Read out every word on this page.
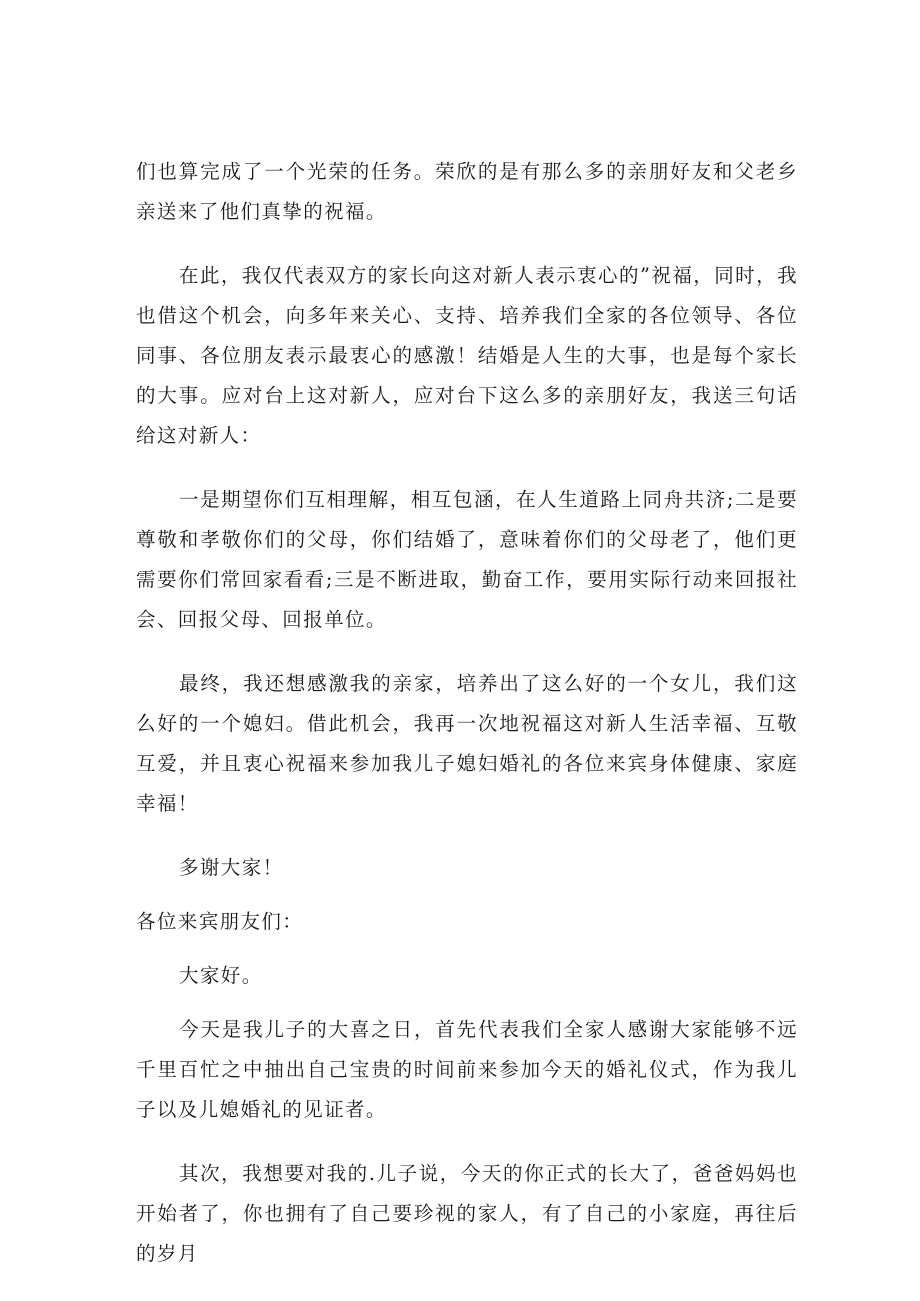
们也算完成了一个光荣的任务。荣欣的是有那么多的亲朋好友和父老乡亲送来了他们真挚的祝福。

在此，我仅代表双方的家长向这对新人表示衷心的”祝福，同时，我也借这个机会，向多年来关心、支持、培养我们全家的各位领导、各位同事、各位朋友表示最衷心的感激！结婚是人生的大事，也是每个家长的大事。应对台上这对新人，应对台下这么多的亲朋好友，我送三句话给这对新人：

一是期望你们互相理解，相互包涵，在人生道路上同舟共济;二是要尊敬和孝敬你们的父母，你们结婚了，意味着你们的父母老了，他们更需要你们常回家看看;三是不断进取，勤奋工作，要用实际行动来回报社会、回报父母、回报单位。

最终，我还想感激我的亲家，培养出了这么好的一个女儿，我们这么好的一个媳妇。借此机会，我再一次地祝福这对新人生活幸福、互敬互爱，并且衷心祝福来参加我儿子媳妇婚礼的各位来宾身体健康、家庭幸福！

多谢大家！

各位来宾朋友们：

大家好。

今天是我儿子的大喜之日，首先代表我们全家人感谢大家能够不远千里百忙之中抽出自己宝贵的时间前来参加今天的婚礼仪式，作为我儿子以及儿媳婚礼的见证者。

其次，我想要对我的.儿子说，今天的你正式的长大了，爸爸妈妈也开始者了，你也拥有了自己要珍视的家人，有了自己的小家庭，再往后的岁月
